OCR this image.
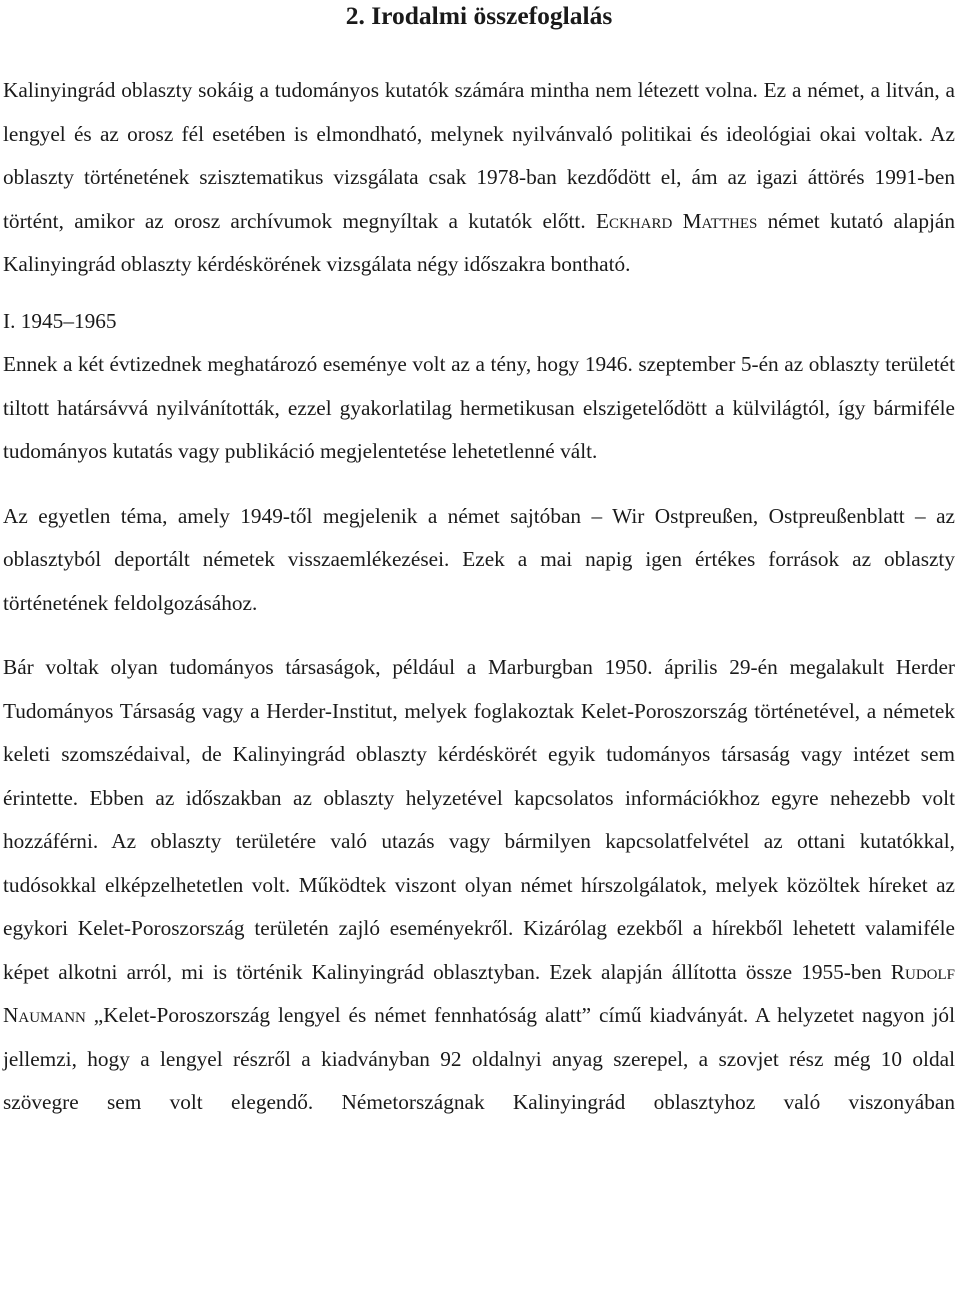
2. Irodalmi összefoglalás

Kalinyingrád oblaszty sokáig a tudományos kutatók számára mintha nem létezett volna. Ez a német, a litván, a lengyel és az orosz fél esetében is elmondható, melynek nyilvánvaló politikai és ideológiai okai voltak. Az oblaszty történetének szisztematikus vizsgálata csak 1978-ban kezdődött el, ám az igazi áttörés 1991-ben történt, amikor az orosz archívumok megnyíltak a kutatók előtt. Eckhard Matthes német kutató alapján Kalinyingrád oblaszty kérdéskörének vizsgálata négy időszakra bontható.

I. 1945–1965

Ennek a két évtizednek meghatározó eseménye volt az a tény, hogy 1946. szeptember 5-én az oblaszty területét tiltott határsávvá nyilvánították, ezzel gyakorlatilag hermetikusan elszigetelődött a külvilágtól, így bármiféle tudományos kutatás vagy publikáció megjelentetése lehetetlenné vált.

Az egyetlen téma, amely 1949-től megjelenik a német sajtóban – Wir Ostpreußen, Ostpreußenblatt – az oblasztyból deportált németek visszaemlékezései. Ezek a mai napig igen értékes források az oblaszty történetének feldolgozásához.

Bár voltak olyan tudományos társaságok, például a Marburgban 1950. április 29-én megalakult Herder Tudományos Társaság vagy a Herder-Institut, melyek foglakoztak Kelet-Poroszország történetével, a németek keleti szomszédaival, de Kalinyingrád oblaszty kérdéskörét egyik tudományos társaság vagy intézet sem érintette. Ebben az időszakban az oblaszty helyzetével kapcsolatos információkhoz egyre nehezebb volt hozzáférni. Az oblaszty területére való utazás vagy bármilyen kapcsolatfelvétel az ottani kutatókkal, tudósokkal elképzelhetetlen volt. Működtek viszont olyan német hírszolgálatok, melyek közöltek híreket az egykori Kelet-Poroszország területén zajló eseményekről. Kizárólag ezekből a hírekből lehetett valamiféle képet alkotni arról, mi is történik Kalinyingrád oblasztyban. Ezek alapján állította össze 1955-ben Rudolf Naumann „Kelet-Poroszország lengyel és német fennhatóság alatt” című kiadványát. A helyzetet nagyon jól jellemzi, hogy a lengyel részről a kiadványban 92 oldalnyi anyag szerepel, a szovjet rész még 10 oldal szövegre sem volt elegendő. Németországnak Kalinyingrád oblasztyhoz való viszonyában
